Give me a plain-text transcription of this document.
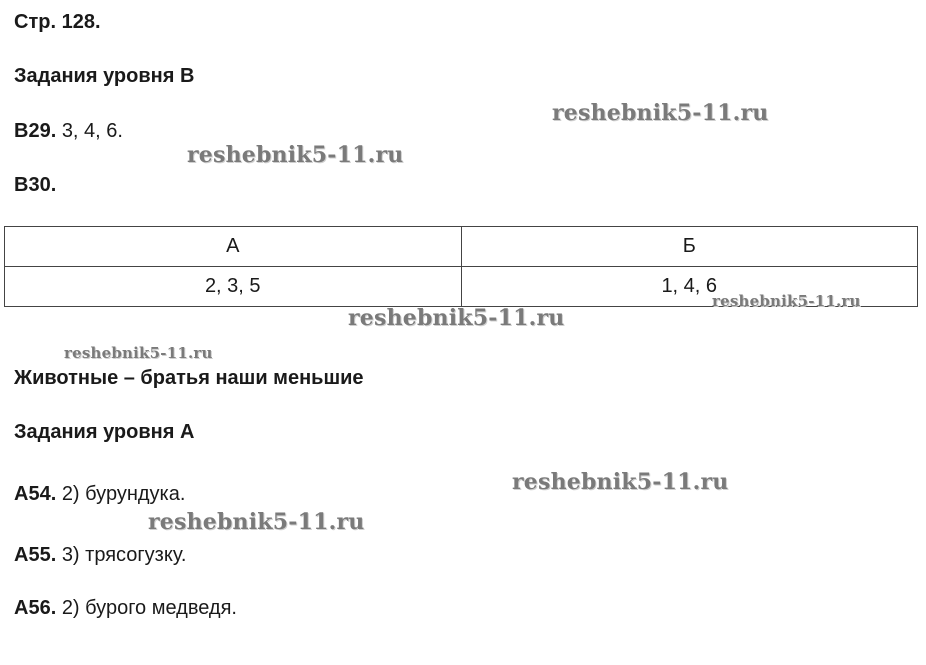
Стр. 128.
Задания уровня В
В29. 3, 4, 6.
В30.
А	Б
2, 3, 5	1, 4, 6
Животные – братья наши меньшие
Задания уровня А
А54. 2) бурундука.
А55. 3) трясогузку.
А56. 2) бурого медведя.
reshebnik5-11.ru
reshebnik5-11.ru
reshebnik5-11.ru
reshebnik5-11.ru
reshebnik5-11.ru
reshebnik5-11.ru
reshebnik5-11.ru
